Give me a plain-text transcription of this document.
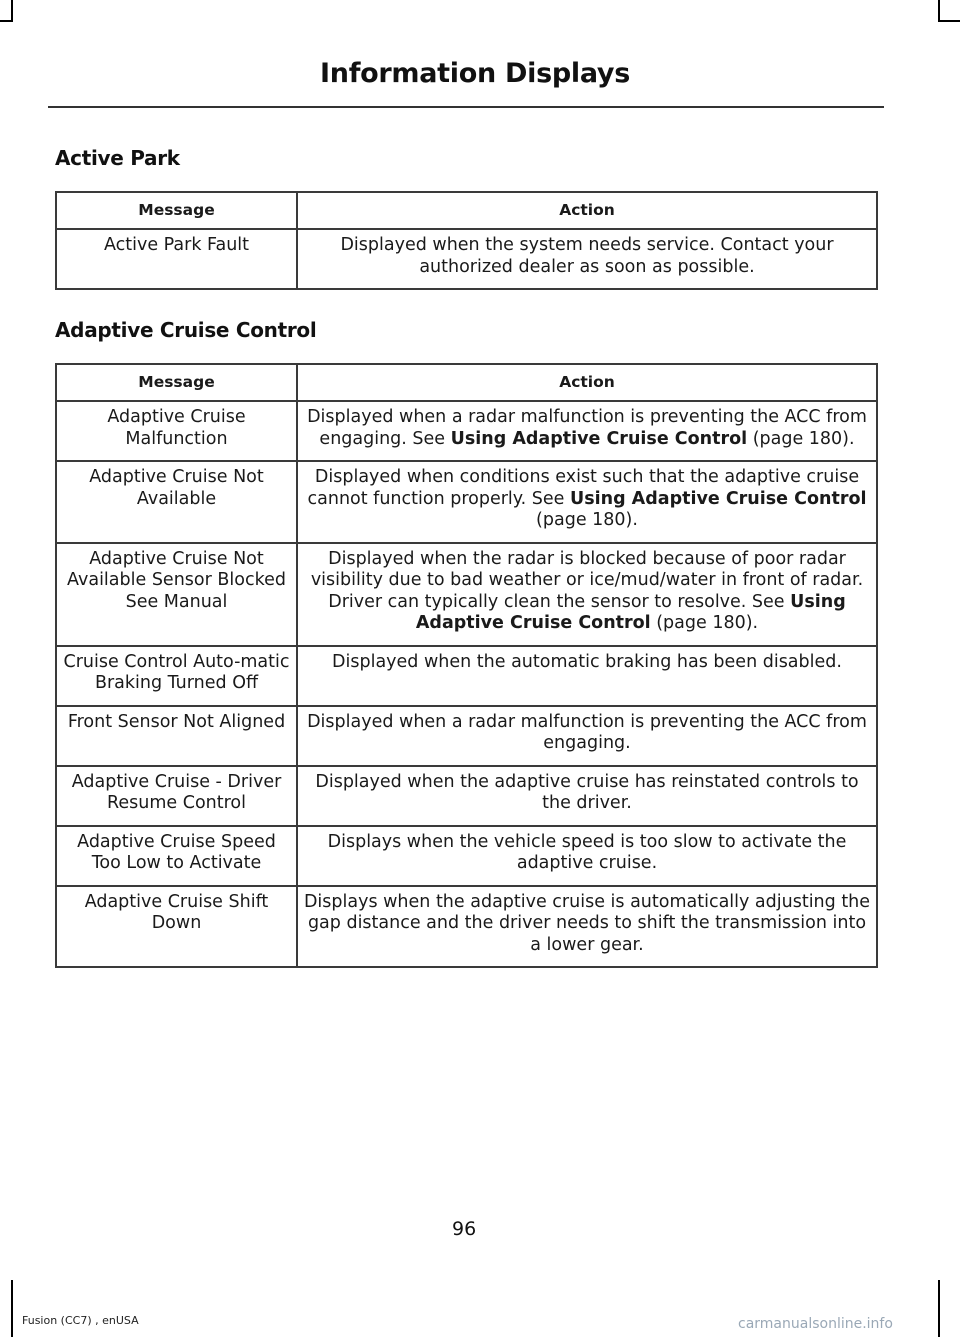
Information Displays
Active Park
Message	Action
Active Park Fault	Displayed when the system needs service. Contact your authorized dealer as soon as possible.
Adaptive Cruise Control
Message	Action
Adaptive Cruise Malfunction	Displayed when a radar malfunction is preventing the ACC from engaging. See Using Adaptive Cruise Control (page 180).
Adaptive Cruise Not Available	Displayed when conditions exist such that the adaptive cruise cannot function properly. See Using Adaptive Cruise Control (page 180).
Adaptive Cruise Not Available Sensor Blocked See Manual	Displayed when the radar is blocked because of poor radar visibility due to bad weather or ice/mud/water in front of radar. Driver can typically clean the sensor to resolve. See Using Adaptive Cruise Control (page 180).
Cruise Control Auto-matic Braking Turned Off	Displayed when the automatic braking has been disabled.
Front Sensor Not Aligned	Displayed when a radar malfunction is preventing the ACC from engaging.
Adaptive Cruise - Driver Resume Control	Displayed when the adaptive cruise has reinstated controls to the driver.
Adaptive Cruise Speed Too Low to Activate	Displays when the vehicle speed is too slow to activate the adaptive cruise.
Adaptive Cruise Shift Down	Displays when the adaptive cruise is automatically adjusting the gap distance and the driver needs to shift the transmission into a lower gear.
96
Fusion (CC7) , enUSA	carmanualsonline.info
